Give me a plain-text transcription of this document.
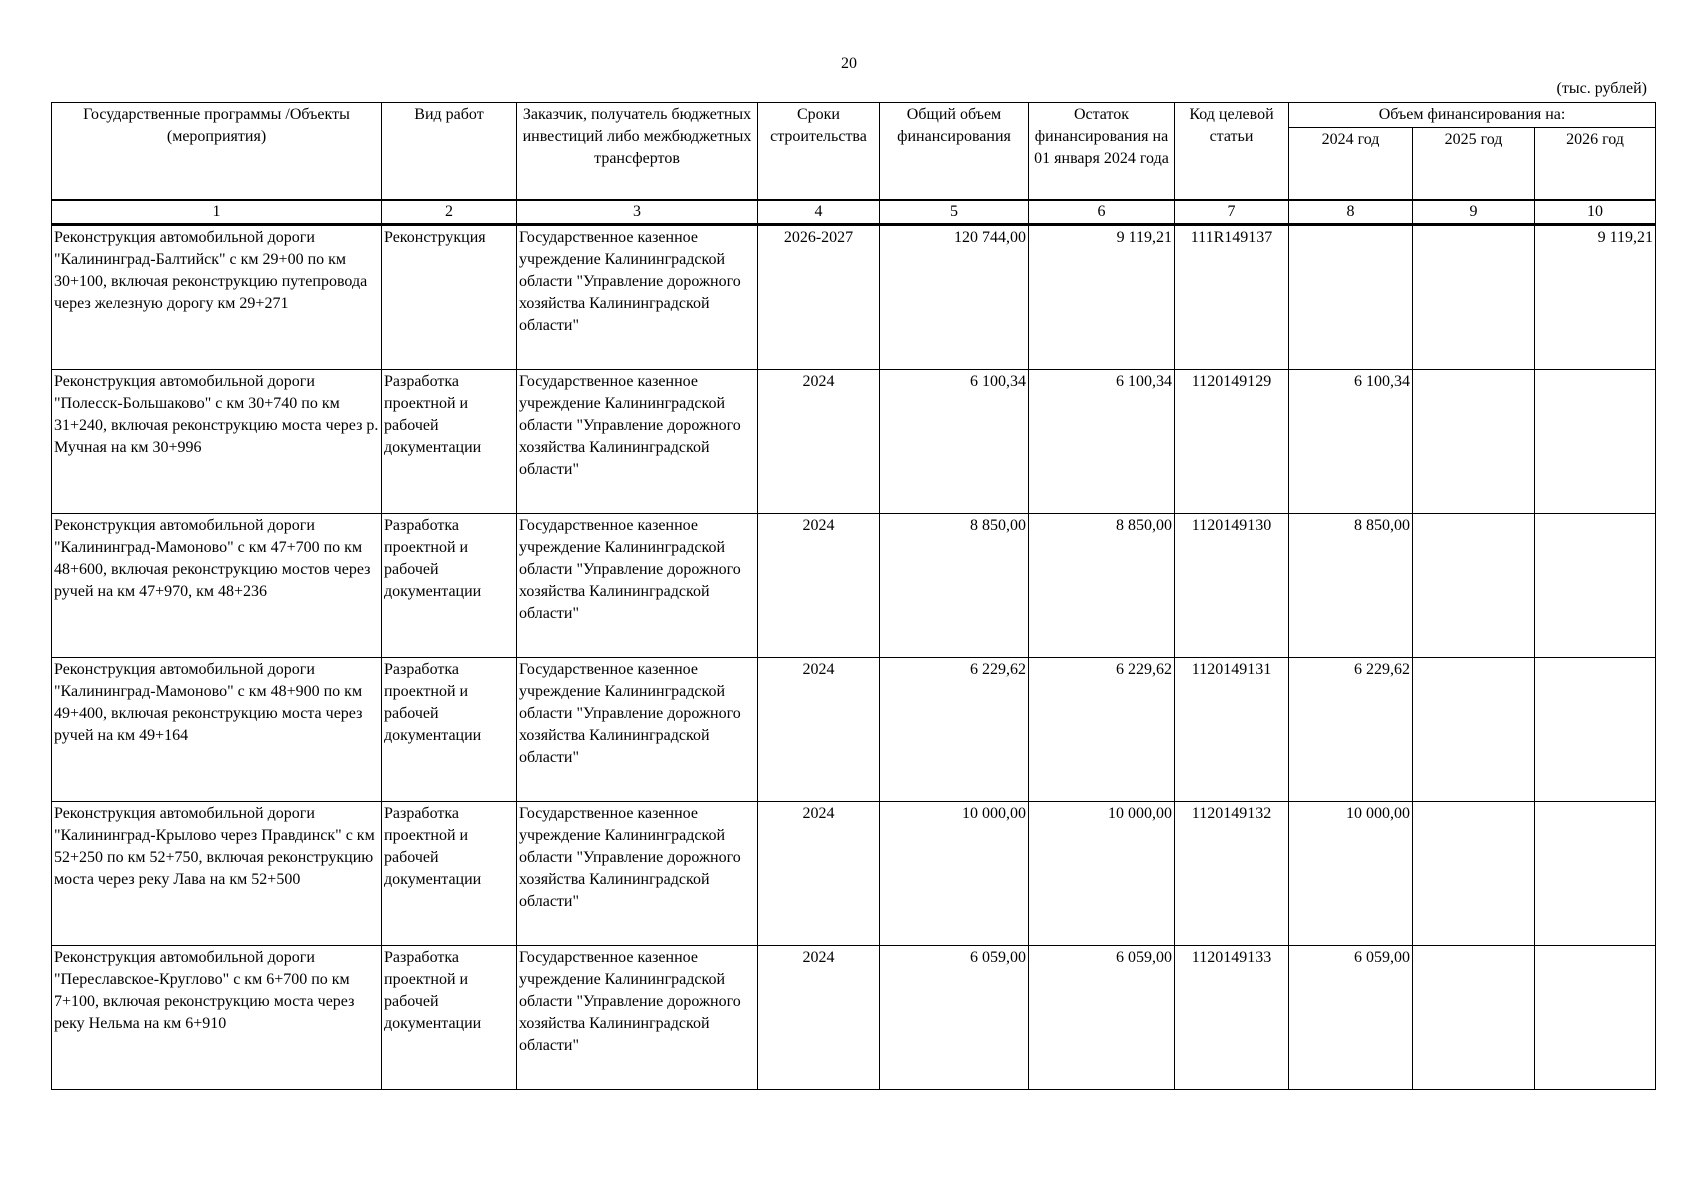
20
(тыс. рублей)
Государственные программы /Объекты (мероприятия)	Вид работ	Заказчик, получатель бюджетных инвестиций либо межбюджетных трансфертов	Сроки строительства	Общий объем финансирования	Остаток финансирования на 01 января 2024 года	Код целевой статьи	Объем финансирования на:		
							2024 год	2025 год	2026 год
1	2	3	4	5	6	7	8	9	10
Реконструкция автомобильной дороги "Калининград-Балтийск" с км 29+00 по км 30+100, включая реконструкцию путепровода через железную дорогу км 29+271	Реконструкция	Государственное казенное учреждение Калининградской области "Управление дорожного хозяйства Калининградской области"	2026-2027	120 744,00	9 119,21	111R149137			9 119,21
Реконструкция автомобильной дороги "Полесск-Большаково" с км 30+740 по км 31+240, включая реконструкцию моста через р. Мучная на км 30+996	Разработка проектной и рабочей документации	Государственное казенное учреждение Калининградской области "Управление дорожного хозяйства Калининградской области"	2024	6 100,34	6 100,34	1120149129	6 100,34		
Реконструкция автомобильной дороги "Калининград-Мамоново" с км 47+700 по км 48+600, включая реконструкцию мостов через ручей на км 47+970, км 48+236	Разработка проектной и рабочей документации	Государственное казенное учреждение Калининградской области "Управление дорожного хозяйства Калининградской области"	2024	8 850,00	8 850,00	1120149130	8 850,00		
Реконструкция автомобильной дороги "Калининград-Мамоново" с км 48+900 по км 49+400, включая реконструкцию моста через ручей на км 49+164	Разработка проектной и рабочей документации	Государственное казенное учреждение Калининградской области "Управление дорожного хозяйства Калининградской области"	2024	6 229,62	6 229,62	1120149131	6 229,62		
Реконструкция автомобильной дороги "Калининград-Крылово через Правдинск" с км 52+250 по км 52+750, включая реконструкцию моста через реку Лава на км 52+500	Разработка проектной и рабочей документации	Государственное казенное учреждение Калининградской области "Управление дорожного хозяйства Калининградской области"	2024	10 000,00	10 000,00	1120149132	10 000,00		
Реконструкция автомобильной дороги "Переславское-Круглово" с км 6+700 по км 7+100, включая реконструкцию моста через реку Нельма на км 6+910	Разработка проектной и рабочей документации	Государственное казенное учреждение Калининградской области "Управление дорожного хозяйства Калининградской области"	2024	6 059,00	6 059,00	1120149133	6 059,00		
